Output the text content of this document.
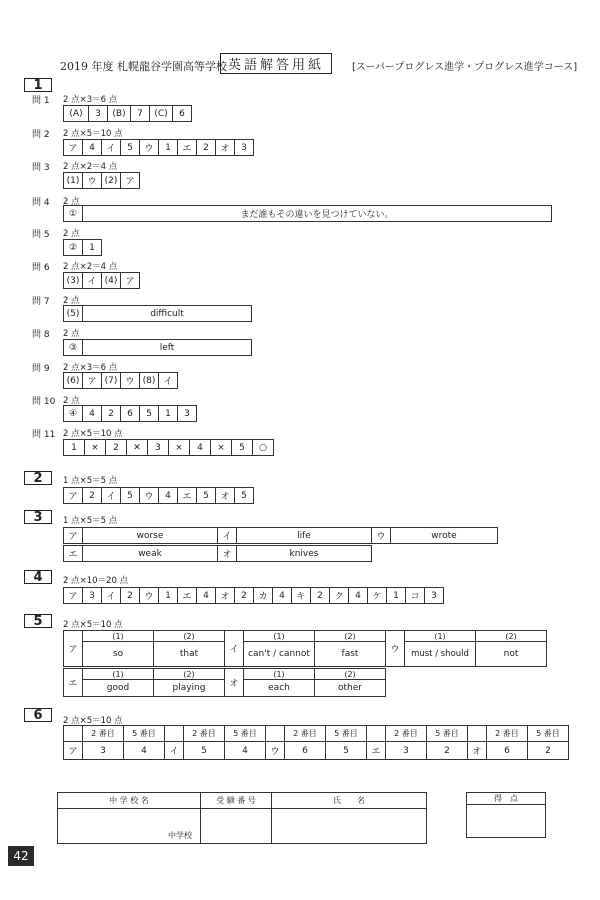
2019 年度 札幌龍谷学園高等学校 英語解答用紙	[スーパープログレス進学・プログレス進学コース]
1
問 1 2 点×3＝6 点
(A)	3	(B)	7	(C)	6
問 2 2 点×5＝10 点
ア	4	イ	5	ウ	1	エ	2	オ	3
問 3 2 点×2＝4 点
(1)	ウ	(2)	ア
問 4 2 点
①	まだ誰もその違いを見つけていない。
問 5 2 点
②	1
問 6 2 点×2＝4 点
(3)	イ	(4)	ア
問 7 2 点
(5)	difficult
問 8 2 点
③	left
問 9 2 点×3＝6 点
(6)	ア	(7)	ウ	(8)	イ
問 10 2 点
④	4	2	6	5	1	3
問 11 2 点×5＝10 点
1	×	2	✕	3	×	4	×	5	○
2	1 点×5＝5 点
ア	2	イ	5	ウ	4	エ	5	オ	5
3	1 点×5＝5 点
ア	worse	イ	life	ウ	wrote
エ	weak	オ	knives
4	2 点×10＝20 点
ア	3	イ	2	ウ	1	エ	4	オ	2	カ	4	キ	2	ク	4	ケ	1	コ	3
5	2 点×5＝10 点
ア	(1)	(2)	イ	(1)	(2)	ウ	(1)	(2)
	so	that		can't / cannot	fast		must / should	not
エ	(1)	(2)	オ	(1)	(2)
	good	playing		each	other
6	2 点×5＝10 点
	2 番目	5 番目		2 番目	5 番目		2 番目	5 番目		2 番目	5 番目		2 番目	5 番目
ア	3	4	イ	5	4	ウ	6	5	エ	3	2	オ	6	2
中 学 校 名	受 験 番 号	氏　　名
中学校		
得　点

42
